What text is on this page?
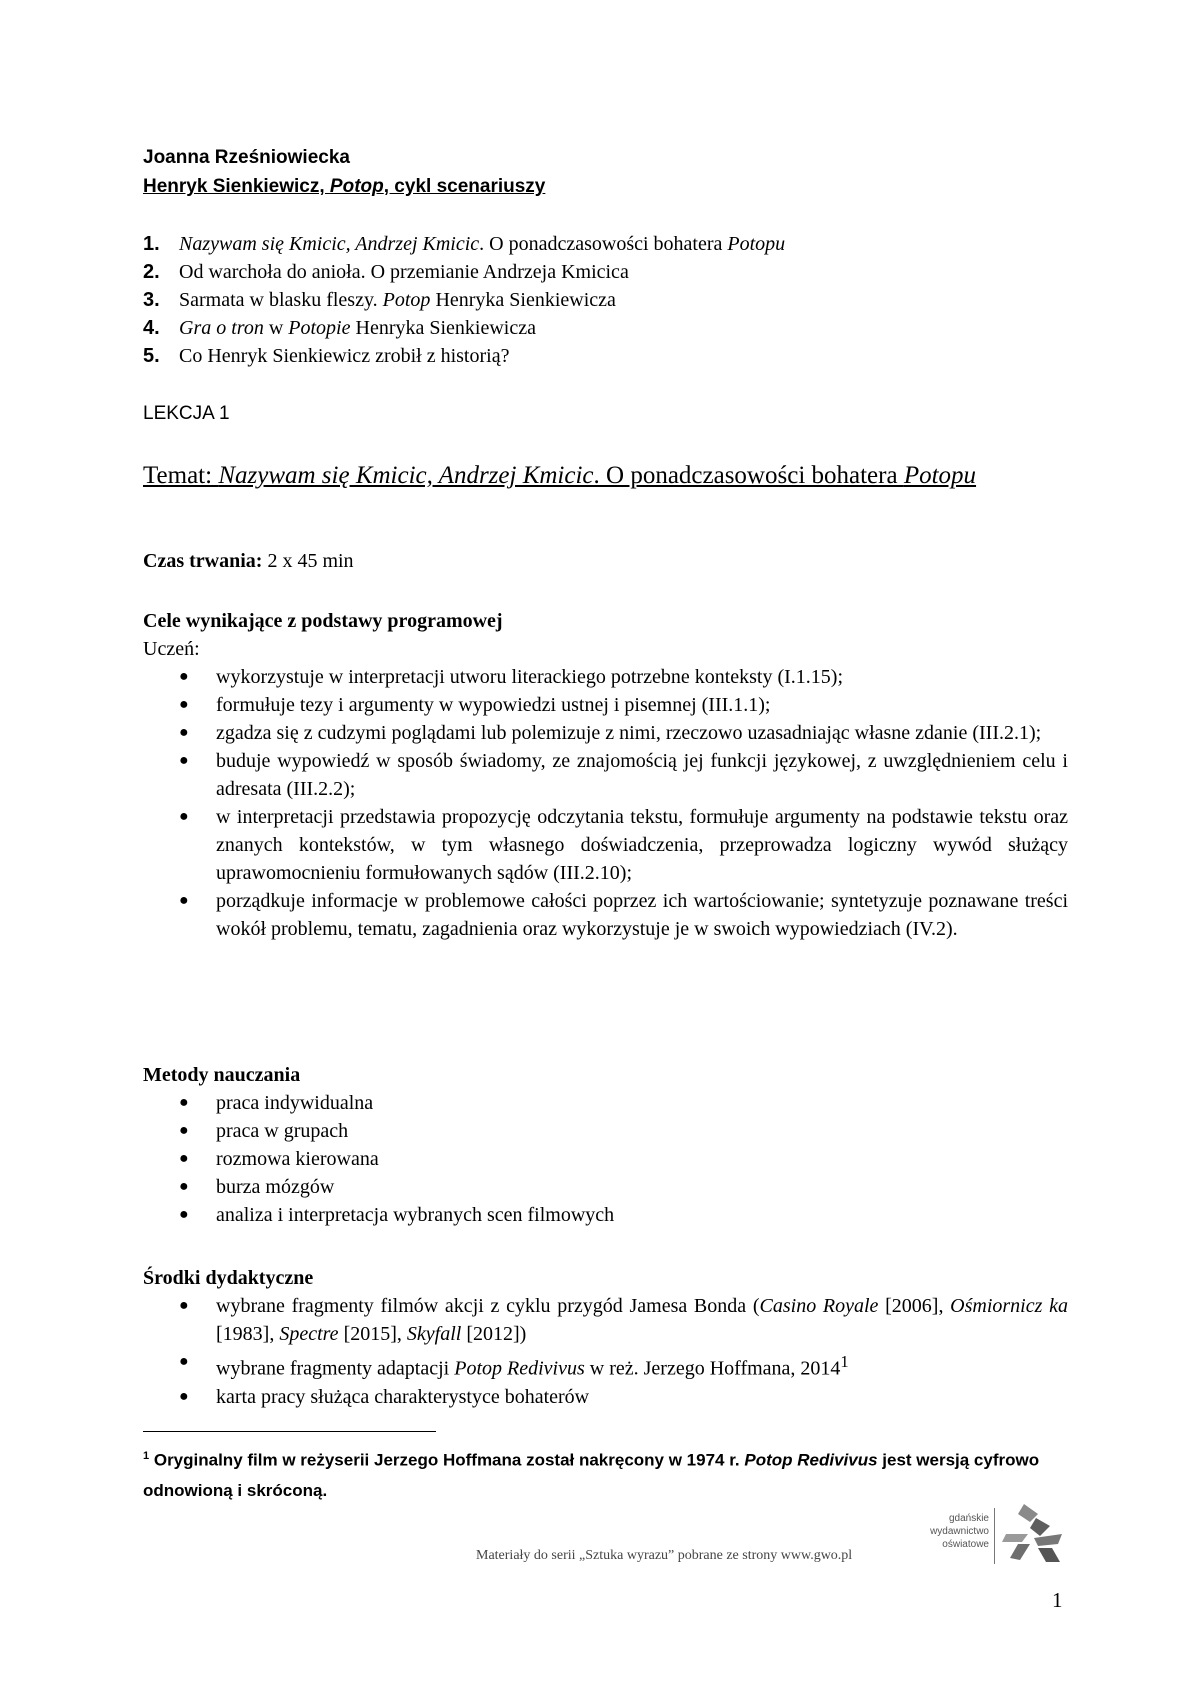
Joanna Rześniowiecka
Henryk Sienkiewicz, Potop, cykl scenariuszy
1. Nazywam się Kmicic, Andrzej Kmicic. O ponadczasowości bohatera Potopu
2. Od warchoła do anioła. O przemianie Andrzeja Kmicica
3. Sarmata w blasku fleszy. Potop Henryka Sienkiewicza
4. Gra o tron w Potopie Henryka Sienkiewicza
5. Co Henryk Sienkiewicz zrobił z historią?
LEKCJA 1
Temat: Nazywam się Kmicic, Andrzej Kmicic. O ponadczasowości bohatera Potopu
Czas trwania: 2 x 45 min
Cele wynikające z podstawy programowej
Uczeń:
● wykorzystuje w interpretacji utworu literackiego potrzebne konteksty (I.1.15);
● formułuje tezy i argumenty w wypowiedzi ustnej i pisemnej (III.1.1);
● zgadza się z cudzymi poglądami lub polemizuje z nimi, rzeczowo uzasadniając własne zdanie (III.2.1);
● buduje wypowiedź w sposób świadomy, ze znajomością jej funkcji językowej, z uwzględnieniem celu i adresata (III.2.2);
● w interpretacji przedstawia propozycję odczytania tekstu, formułuje argumenty na podstawie tekstu oraz znanych kontekstów, w tym własnego doświadczenia, przeprowadza logiczny wywód służący uprawomocnieniu formułowanych sądów (III.2.10);
● porządkuje informacje w problemowe całości poprzez ich wartościowanie; syntetyzuje poznawane treści wokół problemu, tematu, zagadnienia oraz wykorzystuje je w swoich wypowiedziach (IV.2).
Metody nauczania
● praca indywidualna
● praca w grupach
● rozmowa kierowana
● burza mózgów
● analiza i interpretacja wybranych scen filmowych
Środki dydaktyczne
● wybrane fragmenty filmów akcji z cyklu przygód Jamesa Bonda (Casino Royale [2006], Ośmiornicz ka [1983], Spectre [2015], Skyfall [2012])
● wybrane fragmenty adaptacji Potop Redivivus w reż. Jerzego Hoffmana, 2014$^1$
● karta pracy służąca charakterystyce bohaterów
$^1$ Oryginalny film w reżyserii Jerzego Hoffmana został nakręcony w 1974 r. Potop Redivivus jest wersją cyfrowo odnowioną i skróconą.
Materiały do serii „Sztuka wyrazu” pobrane ze strony www.gwo.pl
gdańskie
wydawnictwo
oświatowe
1
